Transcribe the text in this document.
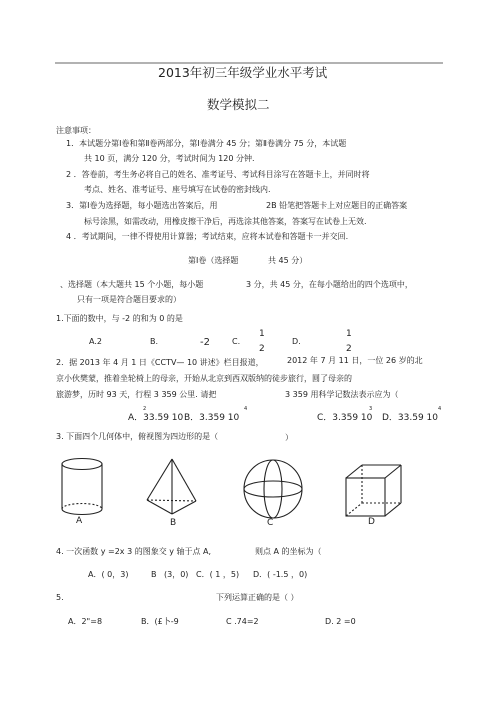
2013年初三年级学业水平考试
数学模拟二
注意事项：
1．本试题分第Ⅰ卷和第Ⅱ卷两部分，第Ⅰ卷满分 45 分；第Ⅱ卷满分 75 分，本试题
共 10 页，满分 120 分，考试时间为 120 分钟.
2 ．答卷前，考生务必将自己的姓名、准考证号、考试科目涂写在答题卡上，并同时将
考点、姓名、准考证号、座号填写在试卷的密封线内.
3．第Ⅰ卷为选择题，每小题选出答案后，用	2B 铅笔把答题卡上对应题目的正确答案
标号涂黑，如需改动，用橡皮擦干净后，再选涂其他答案，答案写在试卷上无效.
4 ．考试期间，一律不得使用计算器；考试结束，应将本试卷和答题卡一并交回.
第Ⅰ卷（选择题	共 45 分）
、选择题（本大题共 15 个小题，每小题	3 分，共 45 分，在每小题给出的四个选项中，
只有一项是符合题目要求的）
1.下面的数中，与 -2 的和为 0 的是
A.2	B.	-2	C.
1
2
D.
1
2
2．据 2013 年 4 月 1 日《CCTV— 10 讲述》栏目报道，	2012 年 7 月 11 日，一位 26 岁的北
京小伙樊蒙，推着坐轮椅上的母亲，开始从北京到西双版纳的徒步旅行，圆了母亲的
旅游梦，历时 93 天，行程 3 359 公里. 请把	3 359 用科学记数法表示应为（
2
A．33.59 10
4
B．3.359 10
3
C．3.359 10
4
D．33.59 10
3. 下面四个几何体中，俯视图为四边形的是（	）
A	B	C	D
4. 一次函数 y =2x 3 的图象交 y 轴于点 A,	则点 A 的坐标为（
A．( 0，3)	B (3，0) C．( 1 ，5) D．( -1.5 ，0)
5.	下列运算正确的是（ ）
A．2"=8	B．(£卜-9	C .74=2	D. 2 =0
